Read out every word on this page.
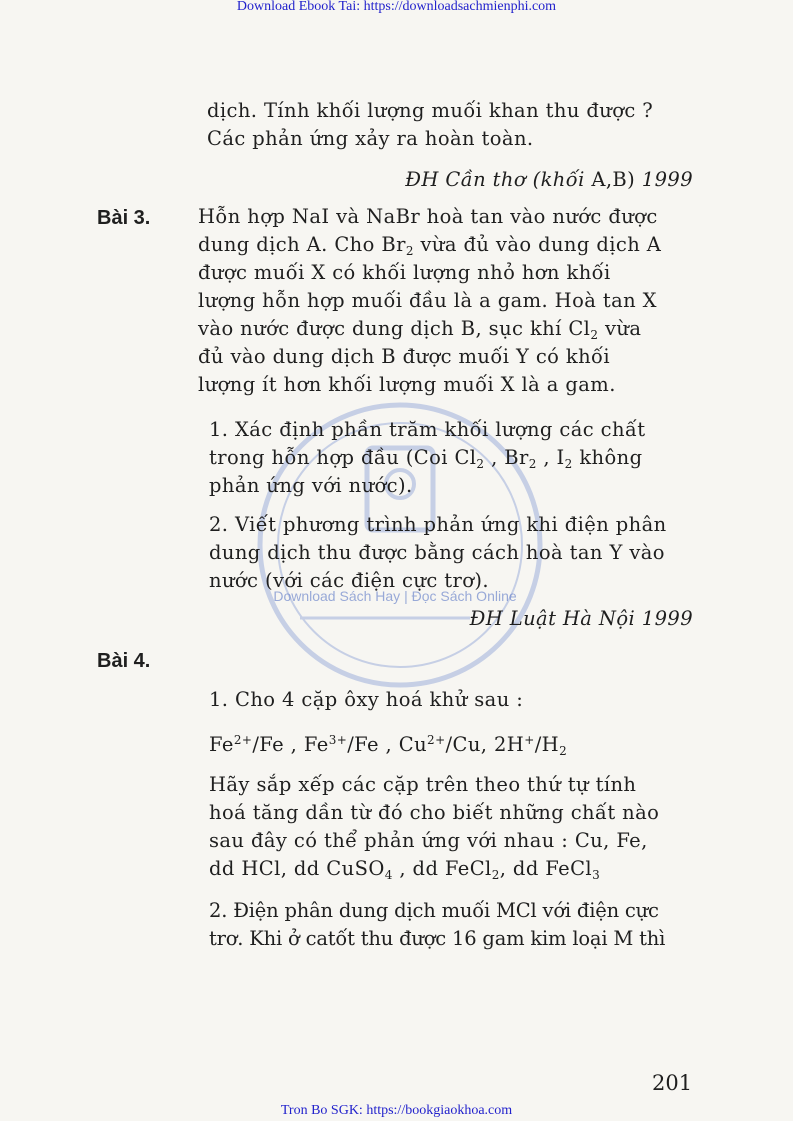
Download Ebook Tai: https://downloadsachmienphi.com
Tron Bo SGK: https://bookgiaokhoa.com
Download Sách Hay | Đọc Sách Online

dịch. Tính khối lượng muối khan thu được ?

Các phản ứng xảy ra hoàn toàn.

ĐH Cần thơ (khối A,B) 1999
Bài 3. Hỗn hợp NaI và NaBr hoà tan vào nước được

dung dịch A. Cho $Br_2$ vừa đủ vào dung dịch A

được muối X có khối lượng nhỏ hơn khối

lượng hỗn hợp muối đầu là a gam. Hoà tan X

vào nước được dung dịch B, sục khí $Cl_2$ vừa

đủ vào dung dịch B được muối Y có khối

lượng ít hơn khối lượng muối X là a gam.

1. Xác định phần trăm khối lượng các chất

trong hỗn hợp đầu (Coi $Cl_2$ , $Br_2$ , $I_2$ không

phản ứng với nước).

2. Viết phương trình phản ứng khi điện phân

dung dịch thu được bằng cách hoà tan Y vào

nước (với các điện cực trơ).

ĐH Luật Hà Nội 1999
Bài 4.

1. Cho 4 cặp ôxy hoá khử sau :

$Fe^{2+}/Fe$ , $Fe^{3+}/Fe$ , $Cu^{2+}/Cu$, $2H^+/H_2$

Hãy sắp xếp các cặp trên theo thứ tự tính

hoá tăng dần từ đó cho biết những chất nào

sau đây có thể phản ứng với nhau : Cu, Fe,

dd HCl, dd CuSO$_4$ , dd FeCl$_2$, dd FeCl$_3$

2. Điện phân dung dịch muối MCl với điện cực

trơ. Khi ở catốt thu được 16 gam kim loại M thì

201
